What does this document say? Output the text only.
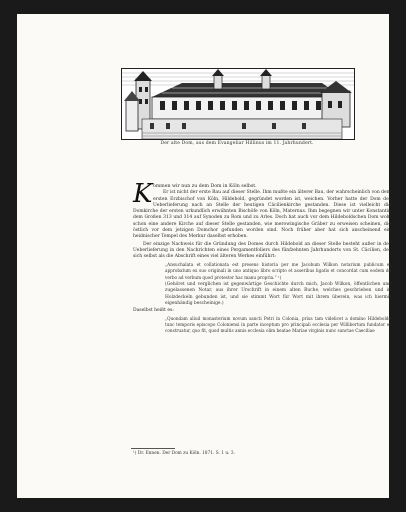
Der alte Dom, aus dem Evangeliar Hillinus im 11. Jahrhundert.
K ommen wir nun zu dem Dom in Köln selbst.

Er ist nicht der erste Bau auf dieser Stelle. Ihm mußte ein älterer Bau, der wahrscheinlich von dem ersten Erzbischof von Köln, Hildebold, gegründet worden ist, weichen. Vorher hatte der Dom der Ueberlieferung nach an Stelle der heutigen Cäcilienkirche gestanden. Diese ist vielleicht die Domkirche der ersten urkundlich erwähnten Bischöfe von Köln, Maternus. Ihm begegnen wir unter Konstantin dem Großen 313 und 314 auf Synoden zu Rom und zu Arles. Doch hat auch vor dem Hildeboldschen Dom wohl schon eine andere Kirche auf dieser Stelle gestanden, wie merowingische Gräber zu erweisen scheinen, die östlich vor dem jetzigen Domchor gefunden worden sind. Noch früher aber hat sich anscheinend ein heidnischer Tempel des Merkur daselbst erhoben.

Der einzige Nachweis für die Gründung des Domes durch Hildebold an dieser Stelle besteht außer in der Ueberlieferung in den Nachrichten eines Pergamentfoliers des fünfzehnten Jahrhunderts von St. Cäcilien, der sich selbst als die Abschrift eines viel älteren Werkes einführt:

„Ansuchalata et collationata est presens historia per me Jacobum Wilkon notarium publicum et approbatum ex suo originali in uno antiquo libro scripto et asseribus ligatis et concordat cum eodem de verbo ad verbum quod protestor hac manu propria.“ ¹)

(Gehöret und verglichen ist gegenwärtige Geschichte durch mich, Jacob Wilkon, öffentlichen und zugelassenen Notar, aus ihrer Urschrift in einem alten Buche, welches geschrieben und in Holzdeckeln gebunden ist, und sie stimmt Wort für Wort mit ihrem überein, was ich hiermit eigenhändig bescheinige.)

Daselbst heißt es:

„Quondam aliud monasterium novum sancti Petri in Colonia, prius tam videlicet a domino Hildeboldo tunc temporis episcopo Coloniensi in parte inceptum pro principali ecclesia per Willibertum fundator et construatur, quo fit, quod multis annis ecclesia olim beatae Mariae virginis nunc sanctae Caeciliae

¹) Dr. Ennen. Der Dom zu Köln. 1871. S. 1 u. 3.
